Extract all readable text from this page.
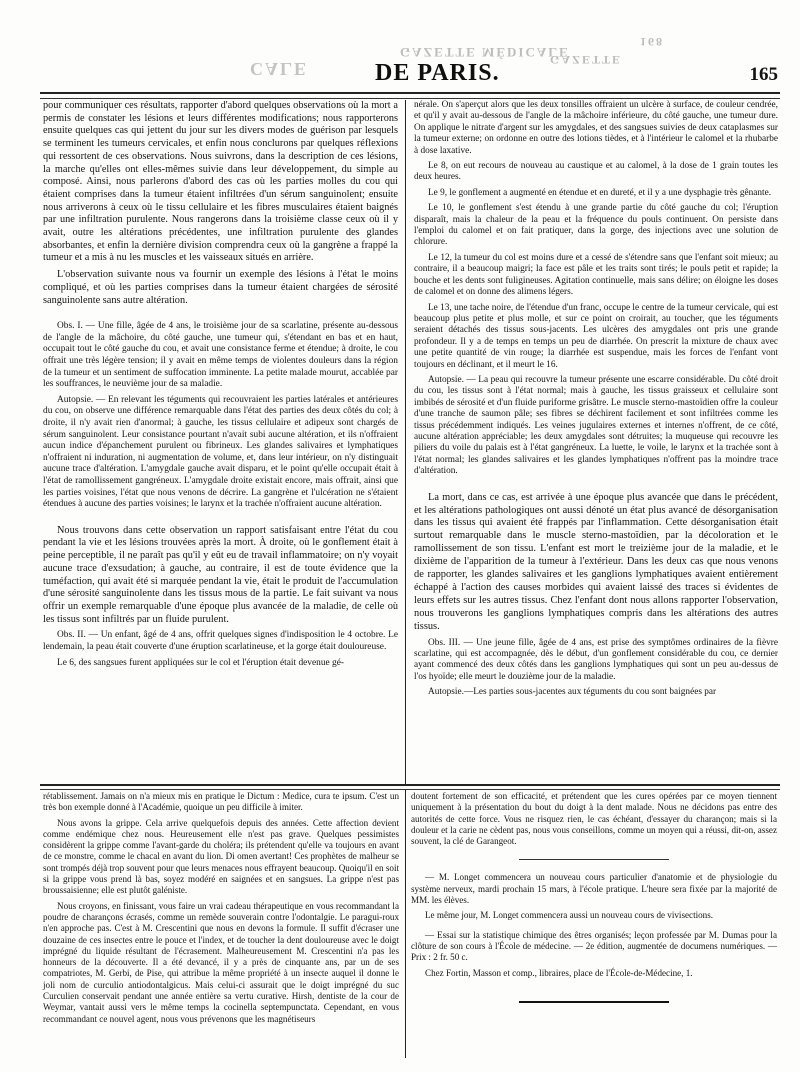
GAZETTE MÉDICALE
168
GAZETTE
CALE	DE PARIS.	165

pour communiquer ces résultats, rapporter d'abord quelques observations où la mort a permis de constater les lésions et leurs différentes modifications; nous rapporterons ensuite quelques cas qui jettent du jour sur les divers modes de guérison par lesquels se terminent les tumeurs cervicales, et enfin nous conclurons par quelques réflexions qui ressortent de ces observations. Nous suivrons, dans la description de ces lésions, la marche qu'elles ont elles-mêmes suivie dans leur développement, du simple au composé. Ainsi, nous parlerons d'abord des cas où les parties molles du cou qui étaient comprises dans la tumeur étaient infiltrées d'un sérum sanguinolent; ensuite nous arriverons à ceux où le tissu cellulaire et les fibres musculaires étaient baignés par une infiltration purulente. Nous rangerons dans la troisième classe ceux où il y avait, outre les altérations précédentes, une infiltration purulente des glandes absorbantes, et enfin la dernière division comprendra ceux où la gangrène a frappé la tumeur et a mis à nu les muscles et les vaisseaux situés en arrière.

L'observation suivante nous va fournir un exemple des lésions à l'état le moins compliqué, et où les parties comprises dans la tumeur étaient chargées de sérosité sanguinolente sans autre altération.

Obs. I. — Une fille, âgée de 4 ans, le troisième jour de sa scarlatine, présente au-dessous de l'angle de la mâchoire, du côté gauche, une tumeur qui, s'étendant en bas et en haut, occupait tout le côté gauche du cou, et avait une consistance ferme et étendue; à droite, le cou offrait une très légère tension; il y avait en même temps de violentes douleurs dans la région de la tumeur et un sentiment de suffocation imminente. La petite malade mourut, accablée par les souffrances, le neuvième jour de sa maladie.

Autopsie. — En relevant les téguments qui recouvraient les parties latérales et antérieures du cou, on observe une différence remarquable dans l'état des parties des deux côtés du col; à droite, il n'y avait rien d'anormal; à gauche, les tissus cellulaire et adipeux sont chargés de sérum sanguinolent. Leur consistance pourtant n'avait subi aucune altération, et ils n'offraient aucun indice d'épanchement purulent ou fibrineux. Les glandes salivaires et lymphatiques n'offraient ni induration, ni augmentation de volume, et, dans leur intérieur, on n'y distinguait aucune trace d'altération. L'amygdale gauche avait disparu, et le point qu'elle occupait était à l'état de ramollissement gangréneux. L'amygdale droite existait encore, mais offrait, ainsi que les parties voisines, l'état que nous venons de décrire. La gangrène et l'ulcération ne s'étaient étendues à aucune des parties voisines; le larynx et la trachée n'offraient aucune altération.

Nous trouvons dans cette observation un rapport satisfaisant entre l'état du cou pendant la vie et les lésions trouvées après la mort. À droite, où le gonflement était à peine perceptible, il ne paraît pas qu'il y eût eu de travail inflammatoire; on n'y voyait aucune trace d'exsudation; à gauche, au contraire, il est de toute évidence que la tuméfaction, qui avait été si marquée pendant la vie, était le produit de l'accumulation d'une sérosité sanguinolente dans les tissus mous de la partie. Le fait suivant va nous offrir un exemple remarquable d'une époque plus avancée de la maladie, de celle où les tissus sont infiltrés par un fluide purulent.

Obs. II. — Un enfant, âgé de 4 ans, offrit quelques signes d'indisposition le 4 octobre. Le lendemain, la peau était couverte d'une éruption scarlatineuse, et la gorge était douloureuse.

Le 6, des sangsues furent appliquées sur le col et l'éruption était devenue gé-

nérale. On s'aperçut alors que les deux tonsilles offraient un ulcère à surface, de couleur cendrée, et qu'il y avait au-dessous de l'angle de la mâchoire inférieure, du côté gauche, une tumeur dure. On applique le nitrate d'argent sur les amygdales, et des sangsues suivies de deux cataplasmes sur la tumeur externe; on ordonne en outre des lotions tièdes, et à l'intérieur le calomel et la rhubarbe à dose laxative.

Le 8, on eut recours de nouveau au caustique et au calomel, à la dose de 1 grain toutes les deux heures.

Le 9, le gonflement a augmenté en étendue et en dureté, et il y a une dysphagie très gênante.

Le 10, le gonflement s'est étendu à une grande partie du côté gauche du col; l'éruption disparaît, mais la chaleur de la peau et la fréquence du pouls continuent. On persiste dans l'emploi du calomel et on fait pratiquer, dans la gorge, des injections avec une solution de chlorure.

Le 12, la tumeur du col est moins dure et a cessé de s'étendre sans que l'enfant soit mieux; au contraire, il a beaucoup maigri; la face est pâle et les traits sont tirés; le pouls petit et rapide; la bouche et les dents sont fuligineuses. Agitation continuelle, mais sans délire; on éloigne les doses de calomel et on donne des alimens légers.

Le 13, une tache noire, de l'étendue d'un franc, occupe le centre de la tumeur cervicale, qui est beaucoup plus petite et plus molle, et sur ce point on croirait, au toucher, que les téguments seraient détachés des tissus sous-jacents. Les ulcères des amygdales ont pris une grande profondeur. Il y a de temps en temps un peu de diarrhée. On prescrit la mixture de chaux avec une petite quantité de vin rouge; la diarrhée est suspendue, mais les forces de l'enfant vont toujours en déclinant, et il meurt le 16.

Autopsie. — La peau qui recouvre la tumeur présente une escarre considérable. Du côté droit du cou, les tissus sont à l'état normal; mais à gauche, les tissus graisseux et cellulaire sont imbibés de sérosité et d'un fluide puriforme grisâtre. Le muscle sterno-mastoïdien offre la couleur d'une tranche de saumon pâle; ses fibres se déchirent facilement et sont infiltrées comme les tissus précédemment indiqués. Les veines jugulaires externes et internes n'offrent, de ce côté, aucune altération appréciable; les deux amygdales sont détruites; la muqueuse qui recouvre les piliers du voile du palais est à l'état gangréneux. La luette, le voile, le larynx et la trachée sont à l'état normal; les glandes salivaires et les glandes lymphatiques n'offrent pas la moindre trace d'altération.

La mort, dans ce cas, est arrivée à une époque plus avancée que dans le précédent, et les altérations pathologiques ont aussi dénoté un état plus avancé de désorganisation dans les tissus qui avaient été frappés par l'inflammation. Cette désorganisation était surtout remarquable dans le muscle sterno-mastoïdien, par la décoloration et le ramollissement de son tissu. L'enfant est mort le treizième jour de la maladie, et le dixième de l'apparition de la tumeur à l'extérieur. Dans les deux cas que nous venons de rapporter, les glandes salivaires et les ganglions lymphatiques avaient entièrement échappé à l'action des causes morbides qui avaient laissé des traces si évidentes de leurs effets sur les autres tissus. Chez l'enfant dont nous allons rapporter l'observation, nous trouverons les ganglions lymphatiques compris dans les altérations des autres tissus.

Obs. III. — Une jeune fille, âgée de 4 ans, est prise des symptômes ordinaires de la fièvre scarlatine, qui est accompagnée, dès le début, d'un gonflement considérable du cou, ce dernier ayant commencé des deux côtés dans les ganglions lymphatiques qui sont un peu au-dessus de l'os hyoïde; elle meurt le douzième jour de la maladie.

Autopsie.—Les parties sous-jacentes aux téguments du cou sont baignées par

rétablissement. Jamais on n'a mieux mis en pratique le Dictum : Medice, cura te ipsum. C'est un très bon exemple donné à l'Académie, quoique un peu difficile à imiter.

Nous avons la grippe. Cela arrive quelquefois depuis des années. Cette affection devient comme endémique chez nous. Heureusement elle n'est pas grave. Quelques pessimistes considèrent la grippe comme l'avant-garde du choléra; ils prétendent qu'elle va toujours en avant de ce monstre, comme le chacal en avant du lion. Di omen avertant! Ces prophètes de malheur se sont trompés déjà trop souvent pour que leurs menaces nous effrayent beaucoup. Quoiqu'il en soit si la grippe vous prend là bas, soyez modéré en saignées et en sangsues. La grippe n'est pas broussaisienne; elle est plutôt galéniste.

Nous croyons, en finissant, vous faire un vrai cadeau thérapeutique en vous recommandant la poudre de charançons écrasés, comme un remède souverain contre l'odontalgie. Le paragui-roux n'en approche pas. C'est à M. Crescentini que nous en devons la formule. Il suffit d'écraser une douzaine de ces insectes entre le pouce et l'index, et de toucher la dent douloureuse avec le doigt imprégné du liquide résultant de l'écrasement. Malheureusement M. Crescentini n'a pas les honneurs de la découverte. Il a été devancé, il y a près de cinquante ans, par un de ses compatriotes, M. Gerbi, de Pise, qui attribue la même propriété à un insecte auquel il donne le joli nom de curculio antiodontalgicus. Mais celui-ci assurait que le doigt imprégné du suc Curculien conservait pendant une année entière sa vertu curative. Hirsh, dentiste de la cour de Weymar, vantait aussi vers le même temps la cocinella septempunctata. Cependant, en vous recommandant ce nouvel agent, nous vous prévenons que les magnétiseurs

doutent fortement de son efficacité, et prétendent que les cures opérées par ce moyen tiennent uniquement à la présentation du bout du doigt à la dent malade. Nous ne décidons pas entre des autorités de cette force. Vous ne risquez rien, le cas échéant, d'essayer du charançon; mais si la douleur et la carie ne cèdent pas, nous vous conseillons, comme un moyen qui a réussi, dit-on, assez souvent, la clé de Garangeot.

— M. Longet commencera un nouveau cours particulier d'anatomie et de physiologie du système nerveux, mardi prochain 15 mars, à l'école pratique. L'heure sera fixée par la majorité de MM. les élèves.

Le même jour, M. Longet commencera aussi un nouveau cours de vivisections.

— Essai sur la statistique chimique des êtres organisés; leçon professée par M. Dumas pour la clôture de son cours à l'École de médecine. — 2e édition, augmentée de documens numériques. — Prix : 2 fr. 50 c.

Chez Fortin, Masson et comp., libraires, place de l'École-de-Médecine, 1.
